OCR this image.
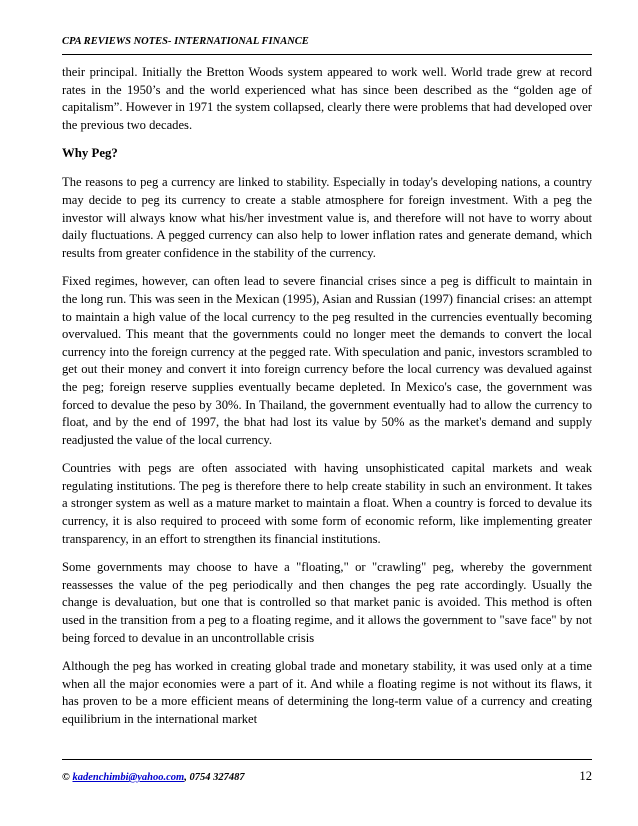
CPA REVIEWS NOTES- INTERNATIONAL FINANCE

their principal. Initially the Bretton Woods system appeared to work well. World trade grew at record rates in the 1950’s and the world experienced what has since been described as the “golden age of capitalism”. However in 1971 the system collapsed, clearly there were problems that had developed over the previous two decades.

Why Peg?

The reasons to peg a currency are linked to stability. Especially in today's developing nations, a country may decide to peg its currency to create a stable atmosphere for foreign investment. With a peg the investor will always know what his/her investment value is, and therefore will not have to worry about daily fluctuations. A pegged currency can also help to lower inflation rates and generate demand, which results from greater confidence in the stability of the currency.

Fixed regimes, however, can often lead to severe financial crises since a peg is difficult to maintain in the long run. This was seen in the Mexican (1995), Asian and Russian (1997) financial crises: an attempt to maintain a high value of the local currency to the peg resulted in the currencies eventually becoming overvalued. This meant that the governments could no longer meet the demands to convert the local currency into the foreign currency at the pegged rate. With speculation and panic, investors scrambled to get out their money and convert it into foreign currency before the local currency was devalued against the peg; foreign reserve supplies eventually became depleted. In Mexico's case, the government was forced to devalue the peso by 30%. In Thailand, the government eventually had to allow the currency to float, and by the end of 1997, the bhat had lost its value by 50% as the market's demand and supply readjusted the value of the local currency.

Countries with pegs are often associated with having unsophisticated capital markets and weak regulating institutions. The peg is therefore there to help create stability in such an environment. It takes a stronger system as well as a mature market to maintain a float. When a country is forced to devalue its currency, it is also required to proceed with some form of economic reform, like implementing greater transparency, in an effort to strengthen its financial institutions.

Some governments may choose to have a "floating," or "crawling" peg, whereby the government reassesses the value of the peg periodically and then changes the peg rate accordingly. Usually the change is devaluation, but one that is controlled so that market panic is avoided. This method is often used in the transition from a peg to a floating regime, and it allows the government to "save face" by not being forced to devalue in an uncontrollable crisis

Although the peg has worked in creating global trade and monetary stability, it was used only at a time when all the major economies were a part of it. And while a floating regime is not without its flaws, it has proven to be a more efficient means of determining the long-term value of a currency and creating equilibrium in the international market

© kadenchimbi@yahoo.com, 0754 327487	12
